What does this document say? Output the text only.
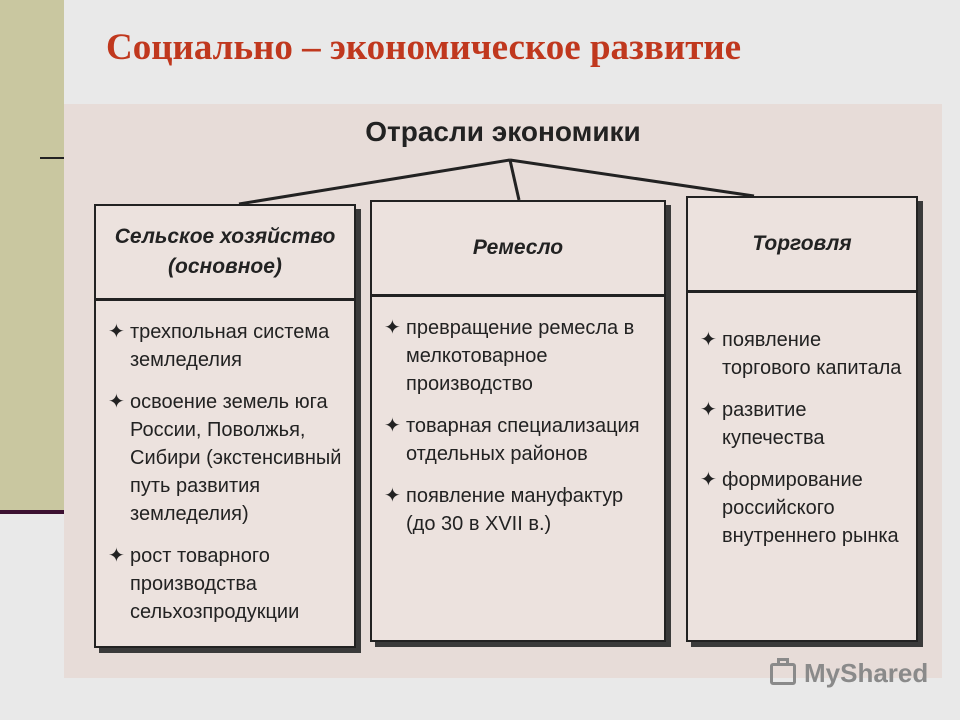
Социально – экономическое развитие
Отрасли экономики
Сельское хозяйство
(основное)
✦ трехпольная система
земледелия
✦ освоение земель юга
России, Поволжья,
Сибири (экстенсивный
путь развития
земледелия)
✦ рост товарного
производства
сельхозпродукции
Ремесло
✦ превращение ремесла в
мелкотоварное
производство
✦ товарная специализация
отдельных районов
✦ появление мануфактур
(до 30 в XVII в.)
Торговля
✦ появление
торгового капитала
✦ развитие
купечества
✦ формирование
российского
внутреннего рынка
MyShared
